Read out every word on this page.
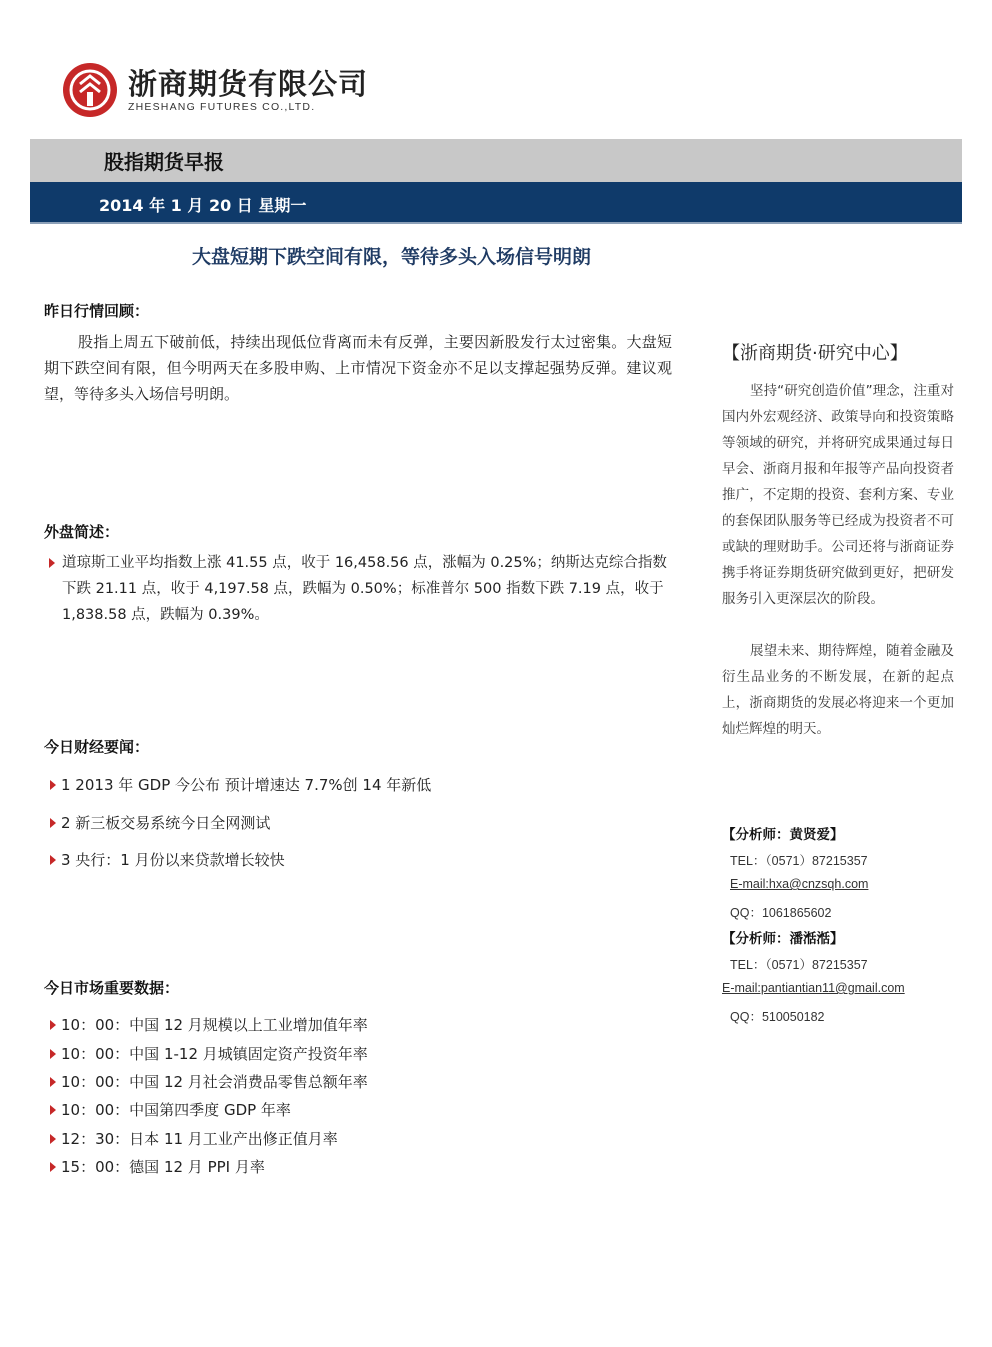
浙商期货有限公司
ZHESHANG FUTURES CO.,LTD.
股指期货早报
2014 年 1 月 20 日 星期一
大盘短期下跌空间有限，等待多头入场信号明朗
昨日行情回顾：

股指上周五下破前低，持续出现低位背离而未有反弹，主要因新股发行太过密集。大盘短期下跌空间有限，但今明两天在多股申购、上市情况下资金亦不足以支撑起强势反弹。建议观望，等待多头入场信号明朗。

外盘简述：
道琼斯工业平均指数上涨 41.55 点，收于 16,458.56 点，涨幅为 0.25%；纳斯达克综合指数下跌 21.11 点，收于 4,197.58 点，跌幅为 0.50%；标准普尔 500 指数下跌 7.19 点，收于 1,838.58 点，跌幅为 0.39%。
今日财经要闻：
1 2013 年 GDP 今公布 预计增速达 7.7%创 14 年新低
2 新三板交易系统今日全网测试
3 央行：1 月份以来贷款增长较快
今日市场重要数据：
10：00：中国 12 月规模以上工业增加值年率
10：00：中国 1-12 月城镇固定资产投资年率
10：00：中国 12 月社会消费品零售总额年率
10：00：中国第四季度 GDP 年率
12：30：日本 11 月工业产出修正值月率
15：00：德国 12 月 PPI 月率
【浙商期货·研究中心】

坚持“研究创造价值”理念，注重对国内外宏观经济、政策导向和投资策略等领域的研究，并将研究成果通过每日早会、浙商月报和年报等产品向投资者推广，不定期的投资、套利方案、专业的套保团队服务等已经成为投资者不可或缺的理财助手。公司还将与浙商证券携手将证券期货研究做到更好，把研发服务引入更深层次的阶段。

展望未来、期待辉煌，随着金融及衍生品业务的不断发展，在新的起点上，浙商期货的发展必将迎来一个更加灿烂辉煌的明天。

【分析师：黄贤爱】
TEL：（0571）87215357
E-mail:hxa@cnzsqh.com
QQ：1061865602
【分析师：潘湉湉】
TEL：（0571）87215357
E-mail:pantiantian11@gmail.com
QQ：510050182
